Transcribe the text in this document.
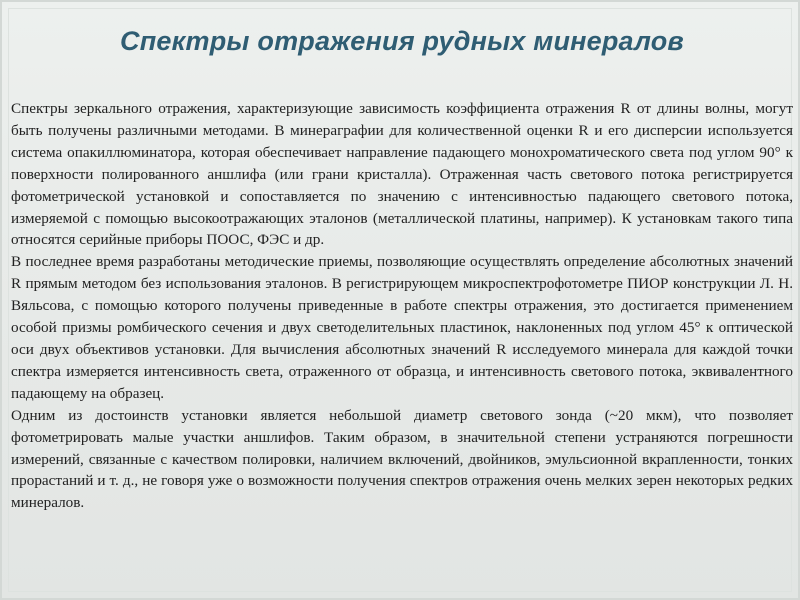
Спектры отражения рудных минералов

Спектры зеркального отражения, характеризующие зависимость коэффициента отражения R от длины волны, могут быть получены различными методами. В минераграфии для количественной оценки R и его дисперсии используется система опакиллюминатора, которая обеспечивает направление падающего монохроматического света под углом 90° к поверхности полированного аншлифа (или грани кристалла). Отраженная часть светового потока регистрируется фотометрической установкой и сопоставляется по значению с интенсивностью падающего светового потока, измеряемой с помощью высокоотражающих эталонов (металлической платины, например). К установкам такого типа относятся серийные приборы ПООС, ФЭС и др.

В последнее время разработаны методические приемы, позволяющие осуществлять определение абсолютных значений R прямым методом без использования эталонов. В регистрирующем микроспектрофотометре ПИОР конструкции Л. Н. Вяльсова, с помощью которого получены приведенные в работе спектры отражения, это достигается применением особой призмы ромбического сечения и двух светоделительных пластинок, наклоненных под углом 45° к оптической оси двух объективов установки. Для вычисления абсолютных значений R исследуемого минерала для каждой точки спектра измеряется интенсивность света, отраженного от образца, и интенсивность светового потока, эквивалентного падающему на образец.

Одним из достоинств установки является небольшой диаметр светового зонда (~20 мкм), что позволяет фотометрировать малые участки аншлифов. Таким образом, в значительной степени устраняются погрешности измерений, связанные с качеством полировки, наличием включений, двойников, эмульсионной вкрапленности, тонких прорастаний и т. д., не говоря уже о возможности получения спектров отражения очень мелких зерен некоторых редких минералов.
